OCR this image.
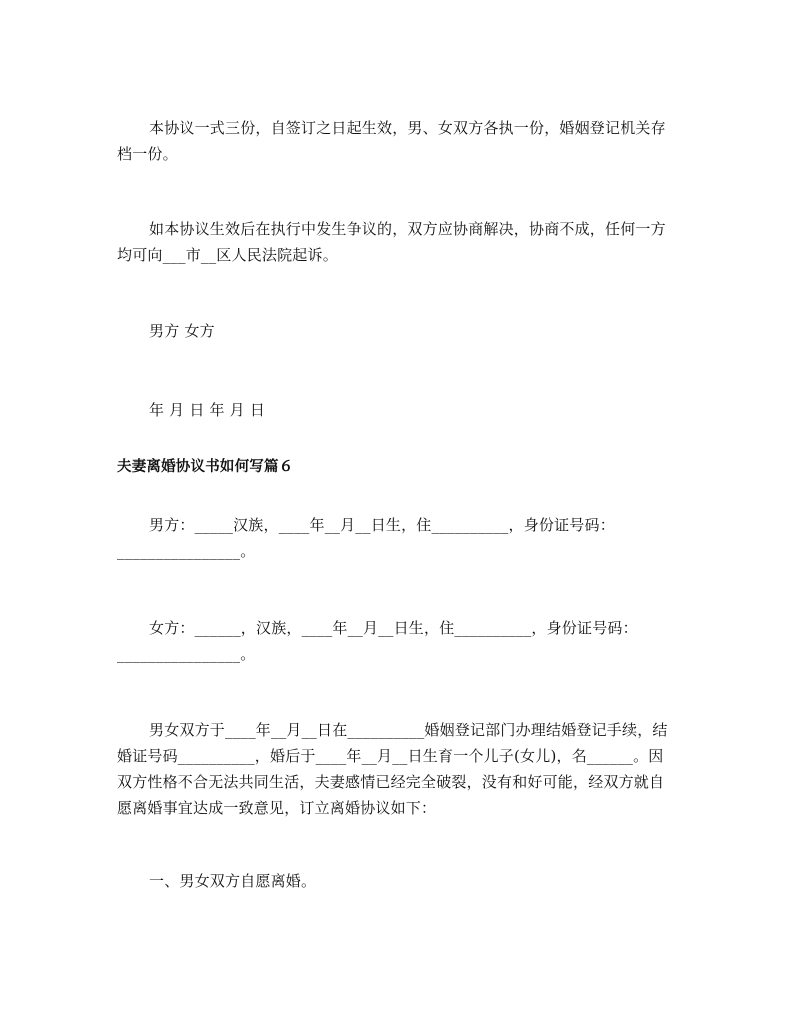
本协议一式三份，自签订之日起生效，男、女双方各执一份，婚姻登记机关存
档一份。
如本协议生效后在执行中发生争议的，双方应协商解决，协商不成，任何一方
均可向___市__区人民法院起诉。
男方 女方
年 月 日 年 月 日
夫妻离婚协议书如何写篇６
男方：_____汉族，____年__月__日生，住__________，身份证号码：
________________。
女方：______，汉族，____年__月__日生，住__________，身份证号码：
________________。
男女双方于____年__月__日在__________婚姻登记部门办理结婚登记手续，结
婚证号码__________，婚后于____年__月__日生育一个儿子(女儿)，名______。因
双方性格不合无法共同生活，夫妻感情已经完全破裂，没有和好可能，经双方就自
愿离婚事宜达成一致意见，订立离婚协议如下：
一、男女双方自愿离婚。
